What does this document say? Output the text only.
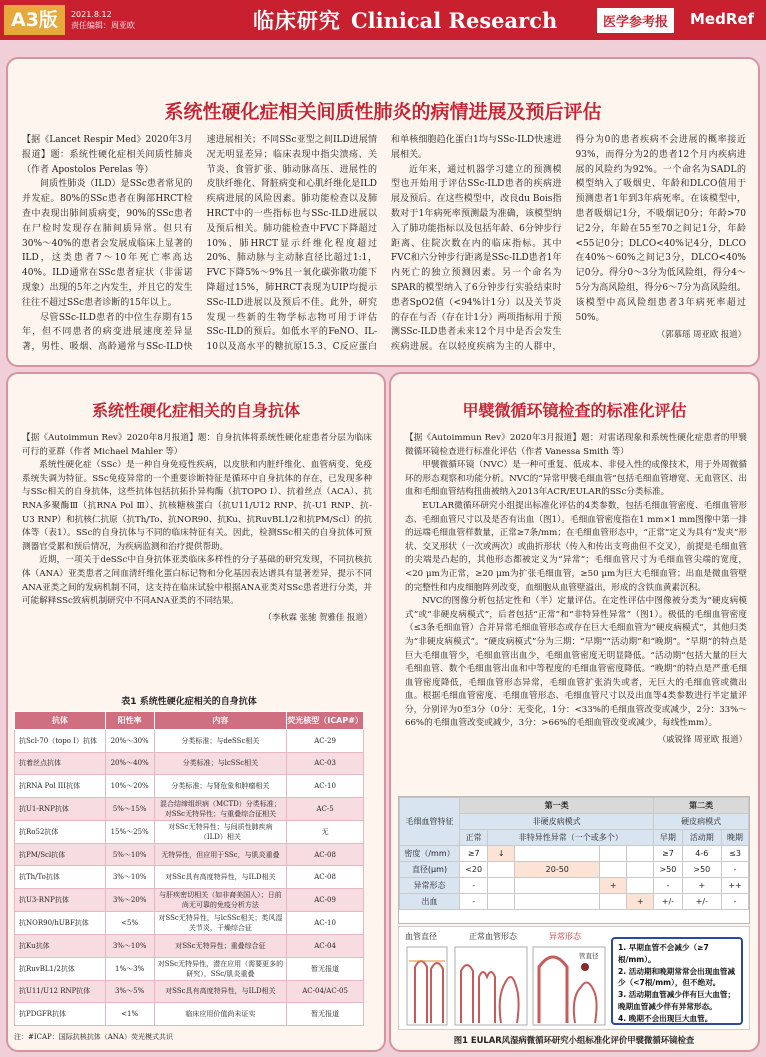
A3版	2021.8.12
责任编辑：周亚欧	临床研究 Clinical Research	医学参考报	MedRef
系统性硬化症相关间质性肺炎的病情进展及预后评估

【据《Lancet Respir Med》2020年3月报道】题：系统性硬化症相关间质性肺炎（作者 Apostolos Perelas 等）

间质性肺炎（ILD）是SSc患者常见的并发症。80%的SSc患者在胸部HRCT检查中表现出肺间质病变，90%的SSc患者在尸检时发现存在肺间质异常。但只有30%～40%的患者会发展成临床上显著的ILD，这类患者7～10年死亡率高达40%。ILD通常在SSc患者症状（非雷诺现象）出现的5年之内发生，并且它的发生往往不超过SSc患者诊断的15年以上。

尽管SSc-ILD患者的中位生存期有15年，但不同患者的病变进展速度差异显著，男性、吸烟、高龄通常与SSc-ILD快速进展相关；不同SSc亚型之间ILD进展情况无明显差异；临床表现中指尖溃疡、关节炎、食管扩张、肺动脉高压、进展性的皮肤纤维化、肾脏病变和心肌纤维化是ILD疾病进展的风险因素。肺功能检查以及肺HRCT中的一些指标也与SSc-ILD进展以及预后相关。肺功能检查中FVC下降超过10%、肺HRCT显示纤维化程度超过20%、肺动脉与主动脉直径比超过1:1，FVC下降5%～9%且一氧化碳弥散功能下降超过15%，肺HRCT表现为UIP均提示SSc-ILD进展以及预后不佳。此外，研究发现一些新的生物学标志物可用于评估SSc-ILD的预后。如低水平的FeNO、IL-10以及高水平的糖抗原15.3、C反应蛋白和单核细胞趋化蛋白1均与SSc-ILD快速进展相关。

近年来，通过机器学习建立的预测模型也开始用于评估SSc-ILD患者的疾病进展及预后。在这些模型中，改良du Bois指数对于1年病死率预测最为准确，该模型纳入了肺功能指标以及包括年龄、6分钟步行距离、住院次数在内的临床指标。其中FVC和六分钟步行距离是SSc-ILD患者1年内死亡的独立预测因素。另一个命名为SPAR的模型纳入了6分钟步行实验结束时患者SpO2值（<94%计1分）以及关节炎的存在与否（存在计1分）两项指标用于预测SSc-ILD患者未来12个月中是否会发生疾病进展。在以轻度疾病为主的人群中，得分为0的患者疾病不会进展的概率接近93%，而得分为2的患者12个月内疾病进展的风险约为92%。一个命名为SADL的模型纳入了吸烟史、年龄和DLCO值用于预测患者1年到3年病死率。在该模型中，患者吸烟记1分，不吸烟记0分；年龄>70记2分，年龄在55至70之间记1分，年龄<55记0分；DLCO<40%记4分，DLCO在40%～60%之间记3分，DLCO<40%记0分。得分0～3分为低风险组，得分4～5分为高风险组，得分6～7分为高风险组。该模型中高风险组患者3年病死率超过50%。

（郭慕瑶 周亚欧 报道）
系统性硬化症相关的自身抗体

【据《Autoimmun Rev》2020年8月报道】题：自身抗体将系统性硬化症患者分层为临床可行的亚群（作者 Michael Mahler 等）

系统性硬化症（SSc）是一种自身免疫性疾病，以皮肤和内脏纤维化、血管病变、免疫系统失调为特征。SSc免疫异常的一个重要诊断特征是循环中自身抗体的存在，已发现多种与SSc相关的自身抗体，这些抗体包括抗拓扑异构酶（抗TOPO I）、抗着丝点（ACA）、抗RNA多聚酶Ⅲ（抗RNA Pol Ⅲ）、抗核糖核蛋白（抗U11/U12 RNP、抗-U1 RNP、抗-U3 RNP）和抗核仁抗原（抗Th/To、抗NOR90、抗Ku、抗RuvBL1/2和抗PM/Scl）的抗体等（表1）。SSc的自身抗体与不同的临床特征有关。因此，检测SSc相关的自身抗体可预测器官受累和预后情况，为疾病监测和治疗提供帮助。

近期，一项关于deSSc中自身抗体亚类临床多样性的分子基础的研究发现，不同抗核抗体（ANA）亚类患者之间血清纤维化蛋白标记物和分化基因表达谱具有显著差异，提示不同ANA亚类之间的发病机制不同，这支持在临床试验中根据ANA亚类对SSc患者进行分类，并可能解释SSc致病机制研究中不同ANA亚类的不同结果。

（李秋霖 张驰 贺雅佳 报道）
甲襞微循环镜检查的标准化评估

【据《Autoimmun Rev》2020年3月报道】题：对雷诺现象和系统性硬化症患者的甲襞微循环镜检查进行标准化评估（作者 Vanessa Smith 等）

甲襞微循环镜（NVC）是一种可重复、低成本、非侵入性的成像技术，用于外周微循环的形态观察和功能分析。NVC的“异常甲襞毛细血管”包括毛细血管增宽、无血管区、出血和毛细血管结构扭曲被纳入2013年ACR/EULAR的SSc分类标准。

EULAR微循环研究小组提出标准化评估的4类参数，包括毛细血管密度、毛细血管形态、毛细血管尺寸以及是否有出血（图1）。毛细血管密度指在1 mm×1 mm图像中第一排的远端毛细血管样数量，正常≥7条/mm；在毛细血管形态中，“正常”定义为具有“发夹”形状、交叉形状（一次或两次）或曲折形状（传入和传出支弯曲但不交叉），前提是毛细血管的尖端是凸起的，其他形态都被定义为“异常”；毛细血管尺寸为毛细血管尖端的宽度，<20 μm为正常，≥20 μm为扩张毛细血管，≥50 μm为巨大毛细血管；出血是微血管壁的完整性和内皮细胞阵列改变，血细胞从血管壁溢出，形成的含铁血黄素沉积。

NVC的图像分析包括定性和（半）定量评估。在定性评估中图像被分类为“硬皮病模式”或“非硬皮病模式”，后者包括“正常”和“非特异性异常”（图1）。极低的毛细血管密度（≤3条毛细血管）合并异常毛细血管形态或存在巨大毛细血管为“硬皮病模式”，其他归类为“非硬皮病模式”。“硬皮病模式”分为三期：“早期”“活动期”和“晚期”。“早期”的特点是巨大毛细血管少，毛细血管出血少，毛细血管密度无明显降低。“活动期”包括大量的巨大毛细血管、数个毛细血管出血和中等程度的毛细血管密度降低。“晚期”的特点是严重毛细血管密度降低，毛细血管形态异常，毛细血管扩张消失或者，无巨大的毛细血管或微出血。根据毛细血管密度、毛细血管形态、毛细血管尺寸以及出血等4类参数进行半定量评分，分别评为0至3分（0分：无变化，1分：<33%的毛细血管改变或减少，2分：33%～66%的毛细血管改变或减少，3分：>66%的毛细血管改变或减少，每线性mm）。

（戚锐锋 周亚欧 报道）
表1 系统性硬化症相关的自身抗体
抗体	阳性率	内容	荧光核型（ICAP#）
抗Scl-70（topo I）抗体	20%～30%	分类标准；与deSSc相关	AC-29
抗着丝点抗体	20%～40%	分类标准；与lcSSc相关	AC-03
抗RNA Pol III抗体	10%～20%	分类标准；与肾危象和肿瘤相关	AC-10
抗U1-RNP抗体	5%～15%	混合结缔组织病（MCTD）分类标准；对SSc无特异性；与重叠综合征相关	AC-5
抗Ro52抗体	15%～25%	对SSc无特异性；与间质性肺疾病（ILD）相关	无
抗PM/Scl抗体	5%～10%	无特异性，但应用于SSc，与肌炎重叠	AC-08
抗Th/To抗体	3%～10%	对SSc具有高度特异性，与ILD相关	AC-08
抗U3-RNP抗体	3%～20%	与肝疾密切相关（如非裔美国人）；日前尚无可靠的免疫分析方法	AC-09
抗NOR90/hUBF抗体	<5%	对SSc无特异性，与lcSSc相关；类风湿关节炎，干燥综合征	AC-10
抗Ku抗体	3%～10%	对SSc无特异性；重叠综合征	AC-04
抗RuvBL1/2抗体	1%～3%	对SSc无特异性，潜在应用（需要更多的研究），SSc/肌炎重叠	暂无报道
抗U11/U12 RNP抗体	3%～5%	对SSc具有高度特异性，与ILD相关	AC-04/AC-05
抗PDGFR抗体	<1%	临床应用价值尚未证实	暂无报道
注：#ICAP：国际抗核抗体（ANA）荧光模式共识
毛细血管特征	第一类					第二类		
	非硬皮病模式					硬皮病模式		
	正常	非特异性异常（一个或多个）				早期	活动期	晚期
密度（/mm）	≥7	↓				≥7	4-6	≤3
直径(μm)	<20		20-50			>50	>50	-
异常形态	-			+		-	+	++
出血	-				+	+/-	+/-	-
血管直径	正常血管形态	异常形态
管直径
1. 早期血管不会减少（≥7根/mm）。
2. 活动期和晚期常常会出现血管减少（<7根/mm），但不绝对。
3. 活动期血管减少伴有巨大血管；晚期血管减少伴有异常形态。
4. 晚期不会出现巨大血管。
图1 EULAR风湿病微循环研究小组标准化评价甲襞微循环镜检查
